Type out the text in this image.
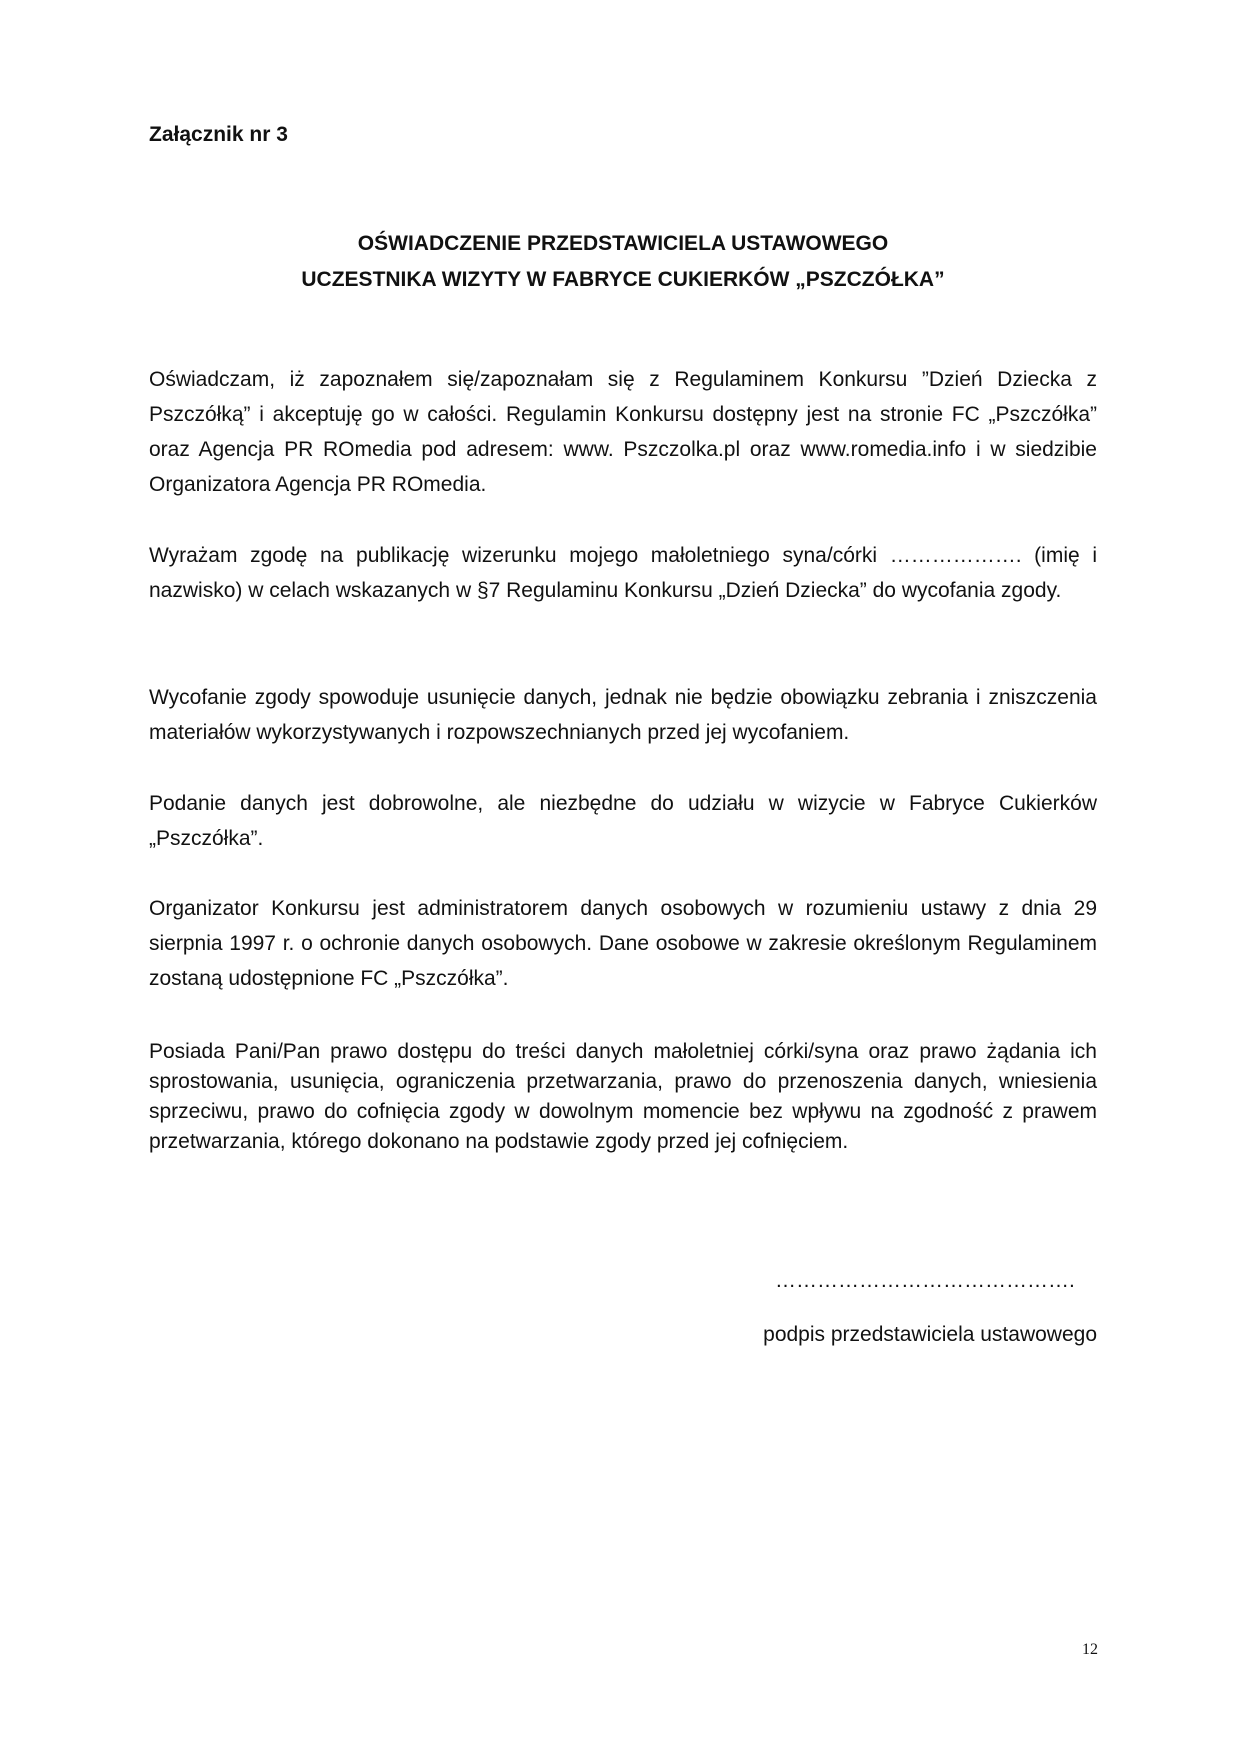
Załącznik nr 3
OŚWIADCZENIE PRZEDSTAWICIELA USTAWOWEGO
UCZESTNIKA WIZYTY W FABRYCE CUKIERKÓW „PSZCZÓŁKA”

Oświadczam, iż zapoznałem się/zapoznałam się z Regulaminem Konkursu ”Dzień Dziecka z Pszczółką” i akceptuję go w całości. Regulamin Konkursu dostępny jest na stronie FC „Pszczółka” oraz Agencja PR ROmedia pod adresem: www. Pszczolka.pl oraz www.romedia.info i w siedzibie Organizatora Agencja PR ROmedia.

Wyrażam zgodę na publikację wizerunku mojego małoletniego syna/córki ………………. (imię i nazwisko) w celach wskazanych w §7 Regulaminu Konkursu „Dzień Dziecka” do wycofania zgody.

Wycofanie zgody spowoduje usunięcie danych, jednak nie będzie obowiązku zebrania i zniszczenia materiałów wykorzystywanych i rozpowszechnianych przed jej wycofaniem.

Podanie danych jest dobrowolne, ale niezbędne do udziału w wizycie w Fabryce Cukierków „Pszczółka”.

Organizator Konkursu jest administratorem danych osobowych w rozumieniu ustawy z dnia 29 sierpnia 1997 r. o ochronie danych osobowych. Dane osobowe w zakresie określonym Regulaminem zostaną udostępnione FC „Pszczółka”.

Posiada Pani/Pan prawo dostępu do treści danych małoletniej córki/syna oraz prawo żądania ich sprostowania, usunięcia, ograniczenia przetwarzania, prawo do przenoszenia danych, wniesienia sprzeciwu, prawo do cofnięcia zgody w dowolnym momencie bez wpływu na zgodność z prawem przetwarzania, którego dokonano na podstawie zgody przed jej cofnięciem.

…………………………………….
podpis przedstawiciela ustawowego
12
